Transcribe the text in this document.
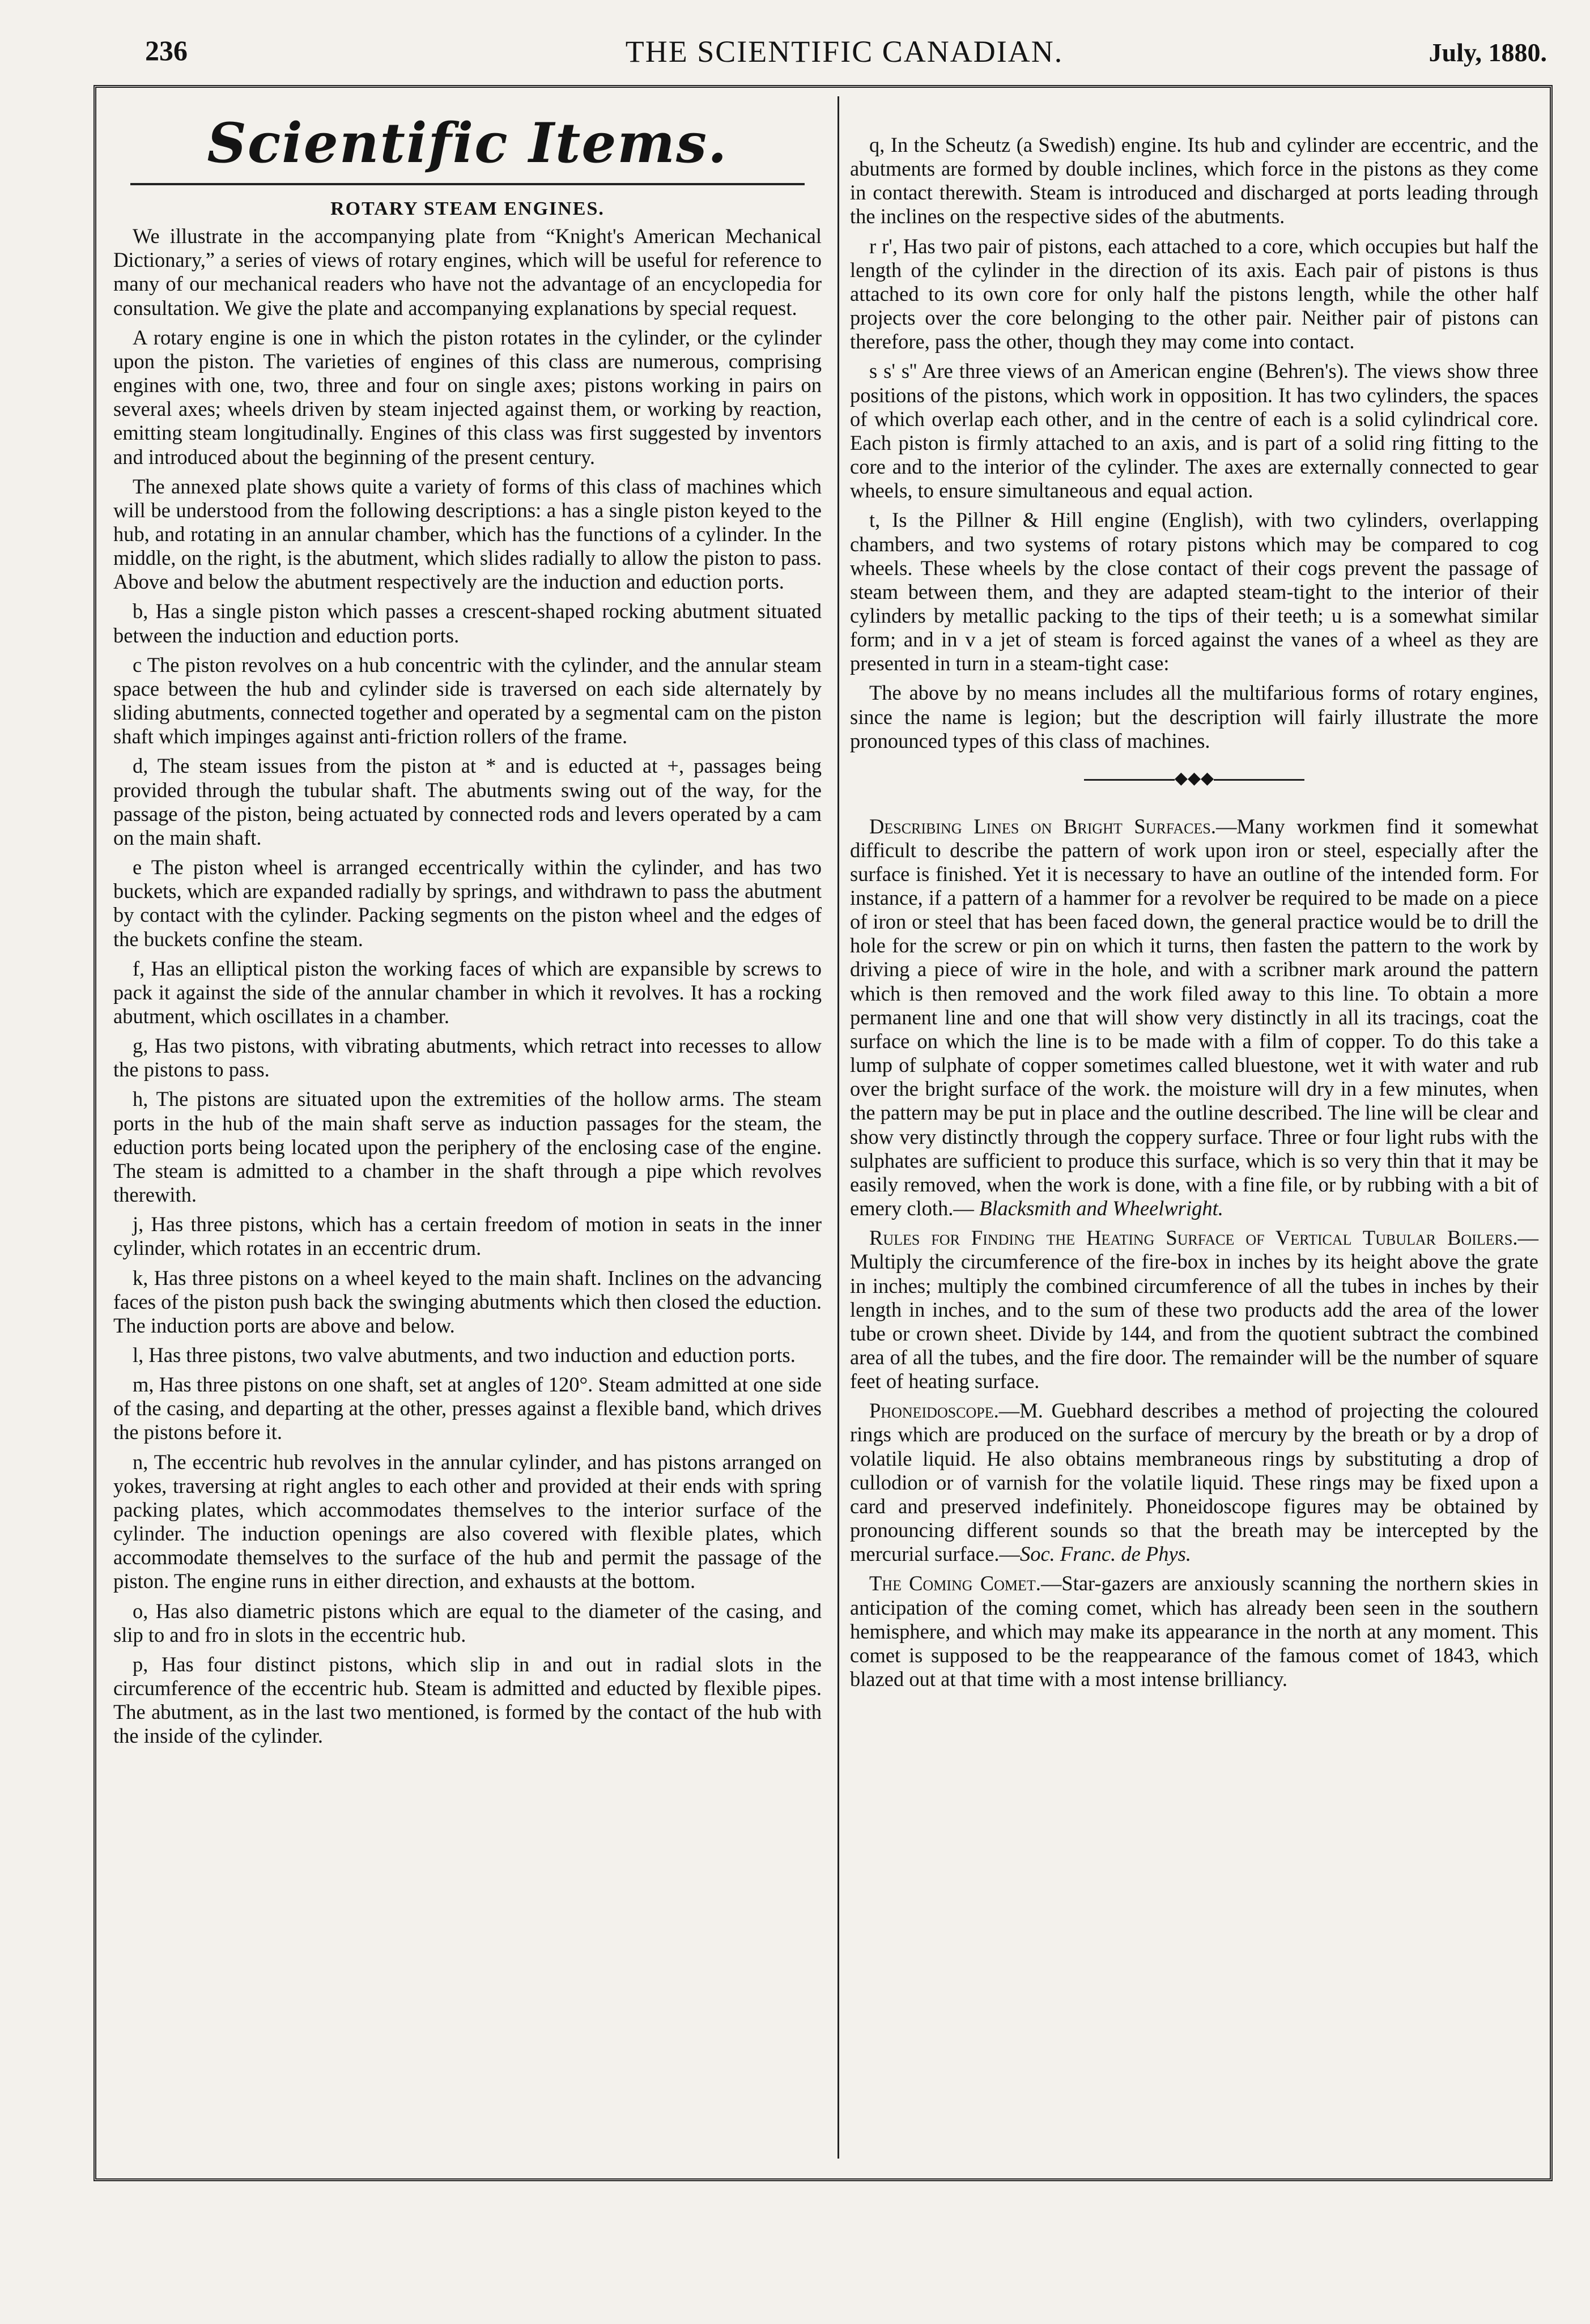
236	THE SCIENTIFIC CANADIAN.	July, 1880.
Scientific Items.
ROTARY STEAM ENGINES.

We illustrate in the accompanying plate from “Knight's American Mechanical Dictionary,” a series of views of rotary engines, which will be useful for reference to many of our mechanical readers who have not the advantage of an encyclopedia for consultation. We give the plate and accompanying explanations by special request.

A rotary engine is one in which the piston rotates in the cylinder, or the cylinder upon the piston. The varieties of engines of this class are numerous, comprising engines with one, two, three and four on single axes; pistons working in pairs on several axes; wheels driven by steam injected against them, or working by reaction, emitting steam longitudinally. Engines of this class was first suggested by inventors and introduced about the beginning of the present century.

The annexed plate shows quite a variety of forms of this class of machines which will be understood from the following descriptions: a has a single piston keyed to the hub, and rotating in an annular chamber, which has the functions of a cylinder. In the middle, on the right, is the abutment, which slides radially to allow the piston to pass. Above and below the abutment respectively are the induction and eduction ports.

b, Has a single piston which passes a crescent-shaped rocking abutment situated between the induction and eduction ports.

c The piston revolves on a hub concentric with the cylinder, and the annular steam space between the hub and cylinder side is traversed on each side alternately by sliding abutments, connected together and operated by a segmental cam on the piston shaft which impinges against anti-friction rollers of the frame.

d, The steam issues from the piston at * and is educted at +, passages being provided through the tubular shaft. The abutments swing out of the way, for the passage of the piston, being actuated by connected rods and levers operated by a cam on the main shaft.

e The piston wheel is arranged eccentrically within the cylinder, and has two buckets, which are expanded radially by springs, and withdrawn to pass the abutment by contact with the cylinder. Packing segments on the piston wheel and the edges of the buckets confine the steam.

f, Has an elliptical piston the working faces of which are expansible by screws to pack it against the side of the annular chamber in which it revolves. It has a rocking abutment, which oscillates in a chamber.

g, Has two pistons, with vibrating abutments, which retract into recesses to allow the pistons to pass.

h, The pistons are situated upon the extremities of the hollow arms. The steam ports in the hub of the main shaft serve as induction passages for the steam, the eduction ports being located upon the periphery of the enclosing case of the engine. The steam is admitted to a chamber in the shaft through a pipe which revolves therewith.

j, Has three pistons, which has a certain freedom of motion in seats in the inner cylinder, which rotates in an eccentric drum.

k, Has three pistons on a wheel keyed to the main shaft. Inclines on the advancing faces of the piston push back the swinging abutments which then closed the eduction. The induction ports are above and below.

l, Has three pistons, two valve abutments, and two induction and eduction ports.

m, Has three pistons on one shaft, set at angles of 120°. Steam admitted at one side of the casing, and departing at the other, presses against a flexible band, which drives the pistons before it.

n, The eccentric hub revolves in the annular cylinder, and has pistons arranged on yokes, traversing at right angles to each other and provided at their ends with spring packing plates, which accommodates themselves to the interior surface of the cylinder. The induction openings are also covered with flexible plates, which accommodate themselves to the surface of the hub and permit the passage of the piston. The engine runs in either direction, and exhausts at the bottom.

o, Has also diametric pistons which are equal to the diameter of the casing, and slip to and fro in slots in the eccentric hub.

p, Has four distinct pistons, which slip in and out in radial slots in the circumference of the eccentric hub. Steam is admitted and educted by flexible pipes. The abutment, as in the last two mentioned, is formed by the contact of the hub with the inside of the cylinder.

q, In the Scheutz (a Swedish) engine. Its hub and cylinder are eccentric, and the abutments are formed by double inclines, which force in the pistons as they come in contact therewith. Steam is introduced and discharged at ports leading through the inclines on the respective sides of the abutments.

r r', Has two pair of pistons, each attached to a core, which occupies but half the length of the cylinder in the direction of its axis. Each pair of pistons is thus attached to its own core for only half the pistons length, while the other half projects over the core belonging to the other pair. Neither pair of pistons can therefore, pass the other, though they may come into contact.

s s' s'' Are three views of an American engine (Behren's). The views show three positions of the pistons, which work in opposition. It has two cylinders, the spaces of which overlap each other, and in the centre of each is a solid cylindrical core. Each piston is firmly attached to an axis, and is part of a solid ring fitting to the core and to the interior of the cylinder. The axes are externally connected to gear wheels, to ensure simultaneous and equal action.

t, Is the Pillner & Hill engine (English), with two cylinders, overlapping chambers, and two systems of rotary pistons which may be compared to cog wheels. These wheels by the close contact of their cogs prevent the passage of steam between them, and they are adapted steam-tight to the interior of their cylinders by metallic packing to the tips of their teeth; u is a somewhat similar form; and in v a jet of steam is forced against the vanes of a wheel as they are presented in turn in a steam-tight case:

The above by no means includes all the multifarious forms of rotary engines, since the name is legion; but the description will fairly illustrate the more pronounced types of this class of machines.

◆◆◆

Describing Lines on Bright Surfaces.—Many workmen find it somewhat difficult to describe the pattern of work upon iron or steel, especially after the surface is finished. Yet it is necessary to have an outline of the intended form. For instance, if a pattern of a hammer for a revolver be required to be made on a piece of iron or steel that has been faced down, the general practice would be to drill the hole for the screw or pin on which it turns, then fasten the pattern to the work by driving a piece of wire in the hole, and with a scribner mark around the pattern which is then removed and the work filed away to this line. To obtain a more permanent line and one that will show very distinctly in all its tracings, coat the surface on which the line is to be made with a film of copper. To do this take a lump of sulphate of copper sometimes called bluestone, wet it with water and rub over the bright surface of the work. the moisture will dry in a few minutes, when the pattern may be put in place and the outline described. The line will be clear and show very distinctly through the coppery surface. Three or four light rubs with the sulphates are sufficient to produce this surface, which is so very thin that it may be easily removed, when the work is done, with a fine file, or by rubbing with a bit of emery cloth.— Blacksmith and Wheelwright.

Rules for Finding the Heating Surface of Vertical Tubular Boilers.—Multiply the circumference of the fire-box in inches by its height above the grate in inches; multiply the combined circumference of all the tubes in inches by their length in inches, and to the sum of these two products add the area of the lower tube or crown sheet. Divide by 144, and from the quotient subtract the combined area of all the tubes, and the fire door. The remainder will be the number of square feet of heating surface.

Phoneidoscope.—M. Guebhard describes a method of projecting the coloured rings which are produced on the surface of mercury by the breath or by a drop of volatile liquid. He also obtains membraneous rings by substituting a drop of cullodion or of varnish for the volatile liquid. These rings may be fixed upon a card and preserved indefinitely. Phoneidoscope figures may be obtained by pronouncing different sounds so that the breath may be intercepted by the mercurial surface.—Soc. Franc. de Phys.

The Coming Comet.—Star-gazers are anxiously scanning the northern skies in anticipation of the coming comet, which has already been seen in the southern hemisphere, and which may make its appearance in the north at any moment. This comet is supposed to be the reappearance of the famous comet of 1843, which blazed out at that time with a most intense brilliancy.
